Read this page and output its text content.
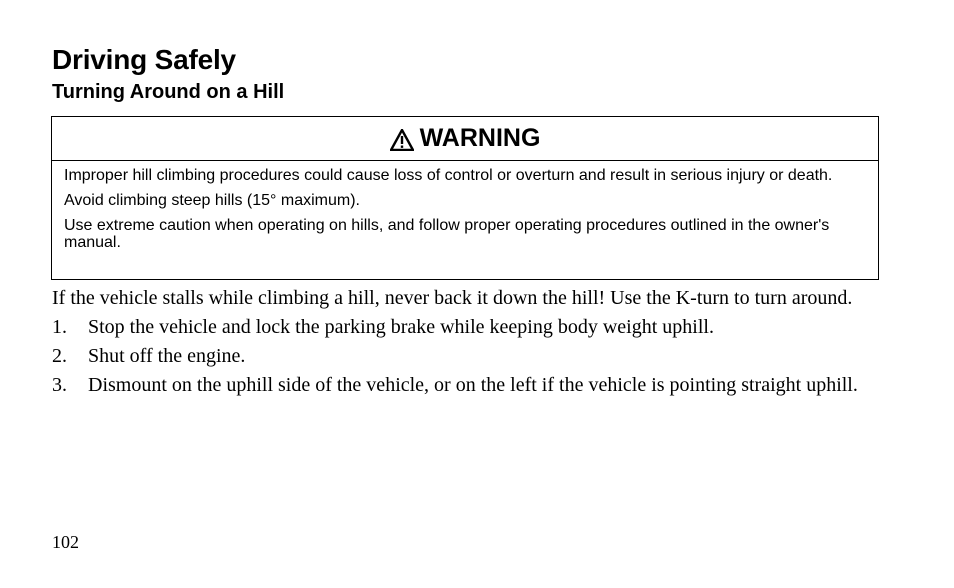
Driving Safely
Turning Around on a Hill
WARNING

Improper hill climbing procedures could cause loss of control or overturn and result in serious injury or death.

Avoid climbing steep hills (15° maximum).

Use extreme caution when operating on hills, and follow proper operating procedures outlined in the owner's manual.

If the vehicle stalls while climbing a hill, never back it down the hill! Use the K-turn to turn around.

1.	Stop the vehicle and lock the parking brake while keeping body weight uphill.
2.	Shut off the engine.
3.	Dismount on the uphill side of the vehicle, or on the left if the vehicle is pointing straight uphill.
102
